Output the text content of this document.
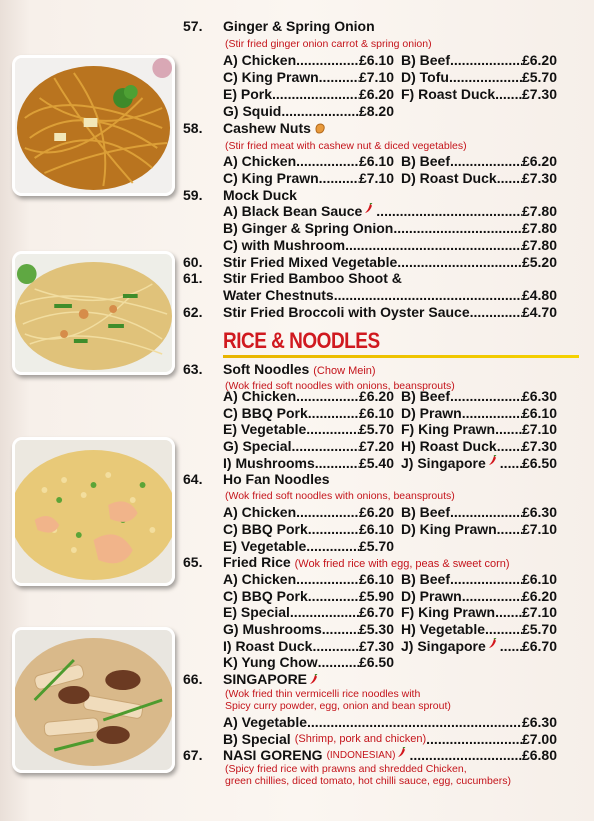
57. Ginger & Spring Onion
(Stir fried ginger onion carrot & spring onion)
A) Chicken .....	£6.10 B) Beef .....	£6.20
C) King Prawn .....	£7.10 D) Tofu .....	£5.70
E) Pork .....	£6.20 F) Roast Duck ..... £7.30
G) Squid .....	£8.20
58. Cashew Nuts
(Stir fried meat with cashew nut & diced vegetables)
A) Chicken .....	£6.10 B) Beef .....	£6.20
C) King Prawn .....	£7.10 D) Roast Duck ..... £7.30
59. Mock Duck
A) Black Bean Sauce .....	£7.80
B) Ginger & Spring Onion .....	£7.80
C) with Mushroom .....	£7.80
60. Stir Fried Mixed Vegetable .....	£5.20
61. Stir Fried Bamboo Shoot &
Water Chestnuts .....	£4.80
62. Stir Fried Broccoli with Oyster Sauce .....	£4.70
RICE & NOODLES
63. Soft Noodles (Chow Mein)
(Wok fried soft noodles with onions, beansprouts)
A) Chicken .....	£6.20 B) Beef .....	£6.30
C) BBQ Pork .....	£6.10 D) Prawn .....	£6.10
E) Vegetable .....	£5.70 F) King Prawn ..... £7.10
G) Special .....	£7.20 H) Roast Duck ..... £7.30
I) Mushrooms .....	£5.40 J) Singapore .....	£6.50
64. Ho Fan Noodles
(Wok fried soft noodles with onions, beansprouts)
A) Chicken .....	£6.20 B) Beef .....	£6.30
C) BBQ Pork .....	£6.10 D) King Prawn ..... £7.10
E) Vegetable .....	£5.70
65. Fried Rice (Wok fried rice with egg, peas & sweet corn)
A) Chicken .....	£6.10 B) Beef .....	£6.10
C) BBQ Pork .....	£5.90 D) Prawn .....	£6.20
E) Special .....	£6.70 F) King Prawn ..... £7.10
G) Mushrooms .....	£5.30 H) Vegetable .....	£5.70
I) Roast Duck .....	£7.30 J) Singapore .....	£6.70
K) Yung Chow .....	£6.50
66. SINGAPORE
(Wok fried thin vermicelli rice noodles with
Spicy curry powder, egg, onion and bean sprout)
A) Vegetable .....	£6.30
B) Special (Shrimp, pork and chicken) .....	£7.00
67. NASI GORENG (INDONESIAN) .....	£6.80
(Spicy fried rice with prawns and shredded Chicken,
green chillies, diced tomato, hot chilli sauce, egg, cucumbers)
